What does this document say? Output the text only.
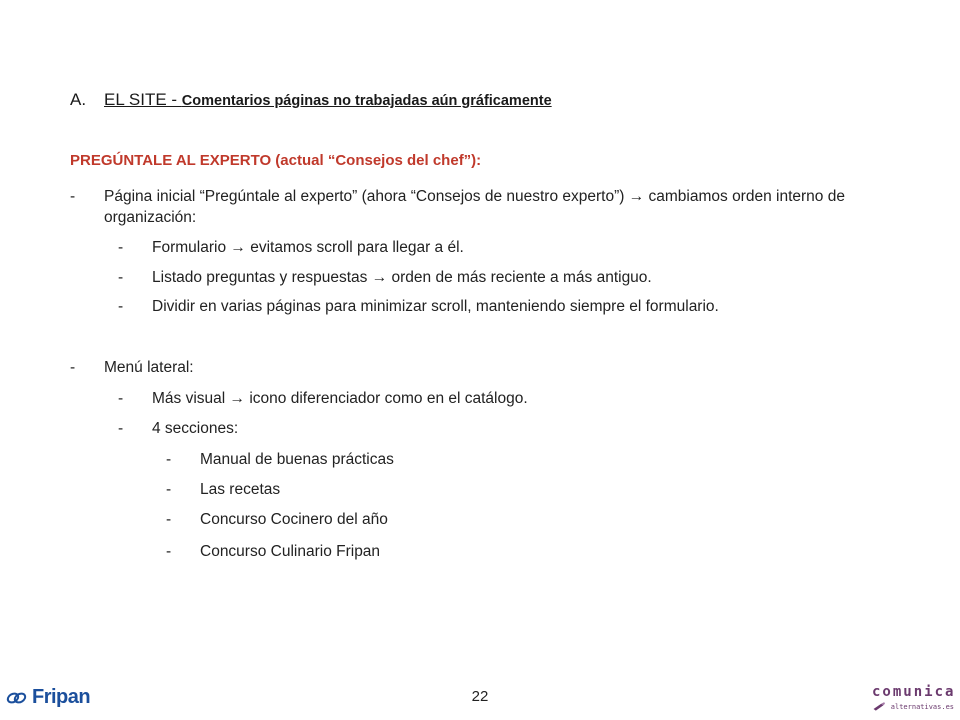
A.	EL SITE - Comentarios páginas no trabajadas aún gráficamente
PREGÚNTALE AL EXPERTO (actual “Consejos del chef”):
-	Página inicial “Pregúntale al experto” (ahora “Consejos de nuestro experto”) → cambiamos orden interno de organización:
-	Formulario → evitamos scroll para llegar a él.
-	Listado preguntas y respuestas → orden de más reciente a más antiguo.
-	Dividir en varias páginas para minimizar scroll, manteniendo siempre el formulario.
-	Menú lateral:
-	Más visual → icono diferenciador como en el catálogo.
-	4 secciones:
-	Manual de buenas prácticas
-	Las recetas
-	Concurso Cocinero del año
-	Concurso Culinario Fripan
Fripan	22	comunica
alternativas.es
